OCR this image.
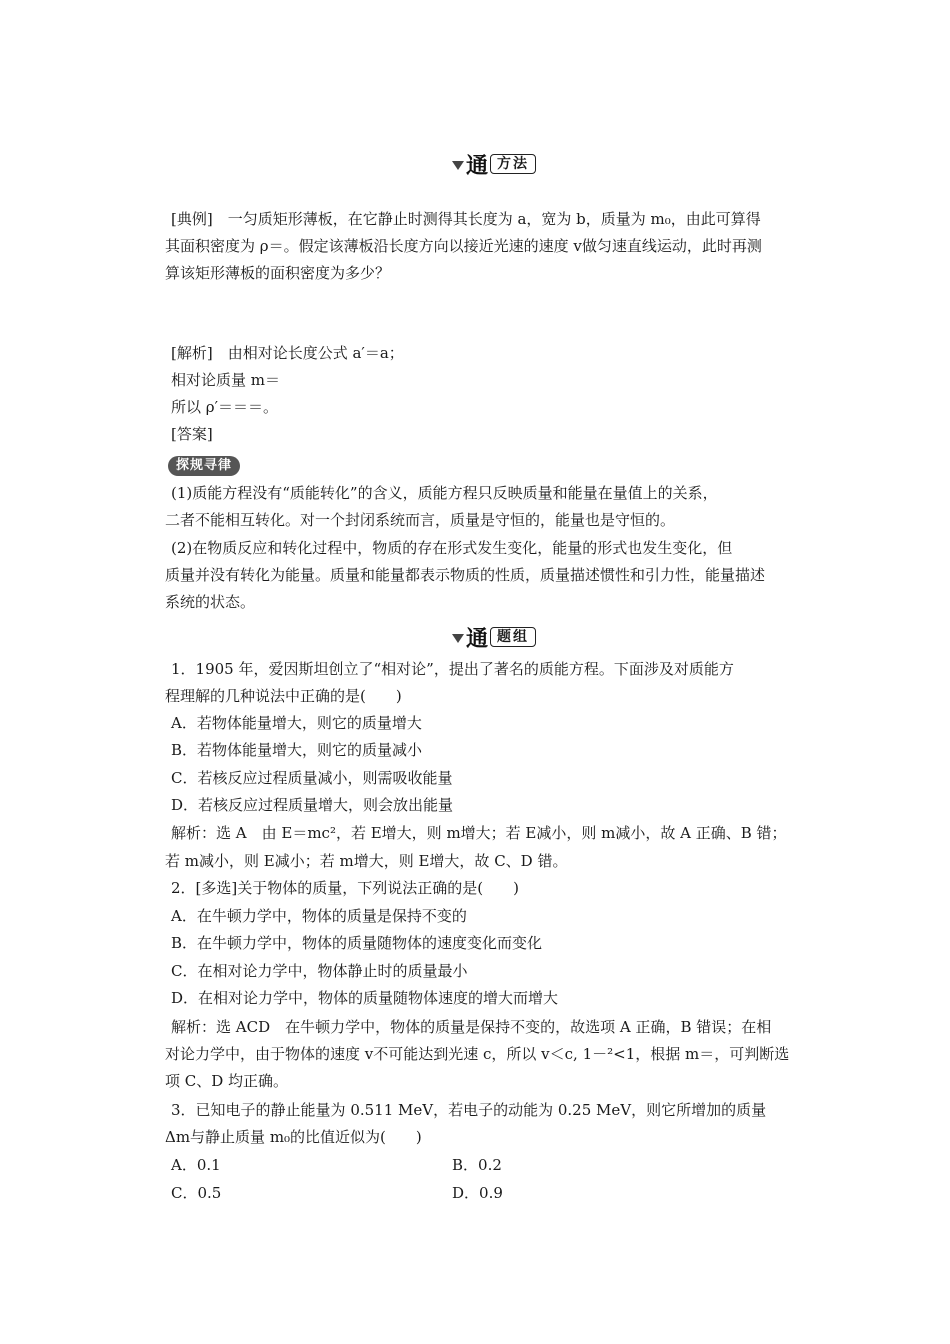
通 方法
[典例]　一匀质矩形薄板，在它静止时测得其长度为 a，宽为 b，质量为 m₀，由此可算得
其面积密度为 ρ＝。假定该薄板沿长度方向以接近光速的速度 v做匀速直线运动，此时再测
算该矩形薄板的面积密度为多少？
[解析]　由相对论长度公式 a′＝a；
相对论质量 m＝
所以 ρ′＝＝＝。
[答案]
探规寻律
(1)质能方程没有“质能转化”的含义，质能方程只反映质量和能量在量值上的关系，
二者不能相互转化。对一个封闭系统而言，质量是守恒的，能量也是守恒的。
(2)在物质反应和转化过程中，物质的存在形式发生变化，能量的形式也发生变化，但
质量并没有转化为能量。质量和能量都表示物质的性质，质量描述惯性和引力性，能量描述
系统的状态。
通 题组
1．1905 年，爱因斯坦创立了“相对论”，提出了著名的质能方程。下面涉及对质能方
程理解的几种说法中正确的是(　　)
A．若物体能量增大，则它的质量增大
B．若物体能量增大，则它的质量减小
C．若核反应过程质量减小，则需吸收能量
D．若核反应过程质量增大，则会放出能量
解析：选 A　由 E＝mc²，若 E增大，则 m增大；若 E减小，则 m减小，故 A 正确、B 错；
若 m减小，则 E减小；若 m增大，则 E增大，故 C、D 错。
2．[多选]关于物体的质量，下列说法正确的是(　　)
A．在牛顿力学中，物体的质量是保持不变的
B．在牛顿力学中，物体的质量随物体的速度变化而变化
C．在相对论力学中，物体静止时的质量最小
D．在相对论力学中，物体的质量随物体速度的增大而增大
解析：选 ACD　在牛顿力学中，物体的质量是保持不变的，故选项 A 正确，B 错误；在相
对论力学中，由于物体的速度 v不可能达到光速 c，所以 v＜c, 1－²<1，根据 m＝，可判断选
项 C、D 均正确。
3．已知电子的静止能量为 0.511 MeV，若电子的动能为 0.25 MeV，则它所增加的质量
Δm与静止质量 m₀的比值近似为(　　)
A．0.1	B．0.2
C．0.5	D．0.9
